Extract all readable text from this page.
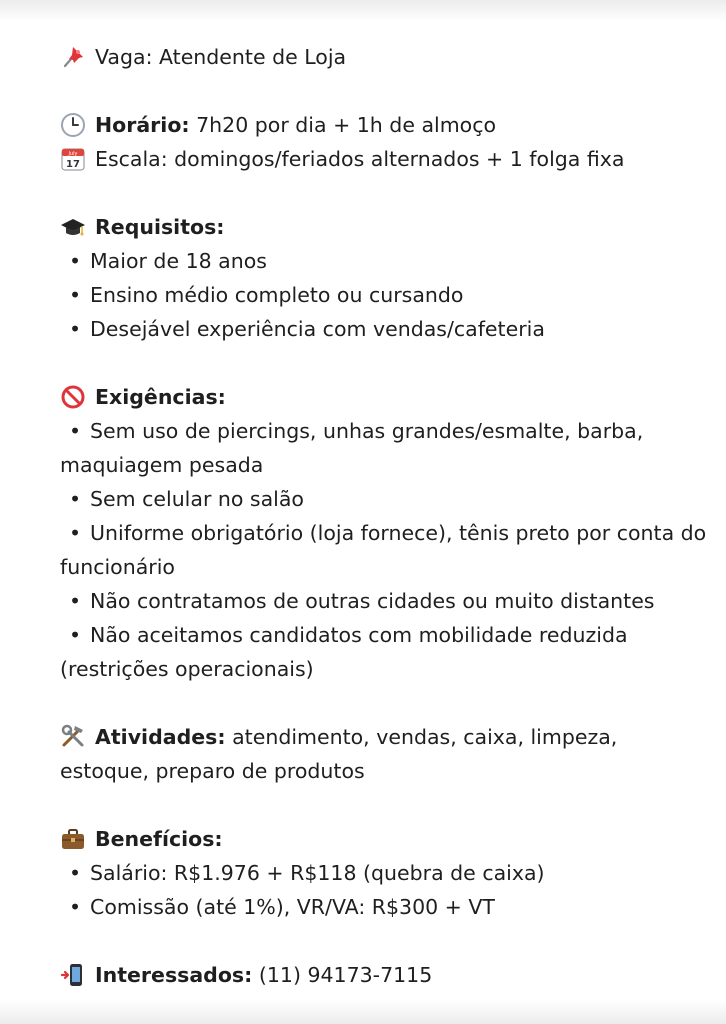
Vaga: Atendente de Loja
Horário:
7h20 por dia + 1h de almoço
July
17 Escala: domingos/feriados alternados + 1 folga fixa
Requisitos:
• Maior de 18 anos
• Ensino médio completo ou cursando
• Desejável experiência com vendas/cafeteria
Exigências:
• Sem uso de piercings, unhas grandes/esmalte, barba, maquiagem pesada
• Sem celular no salão
• Uniforme obrigatório (loja fornece), tênis preto por conta do funcionário
• Não contratamos de outras cidades ou muito distantes
• Não aceitamos candidatos com mobilidade reduzida (restrições operacionais)
Atividades: atendimento, vendas, caixa, limpeza, estoque, preparo de produtos
Benefícios:
• Salário: R$1.976 + R$118 (quebra de caixa)
• Comissão (até 1%), VR/VA: R$300 + VT
Interessados:
(11) 94173-7115
